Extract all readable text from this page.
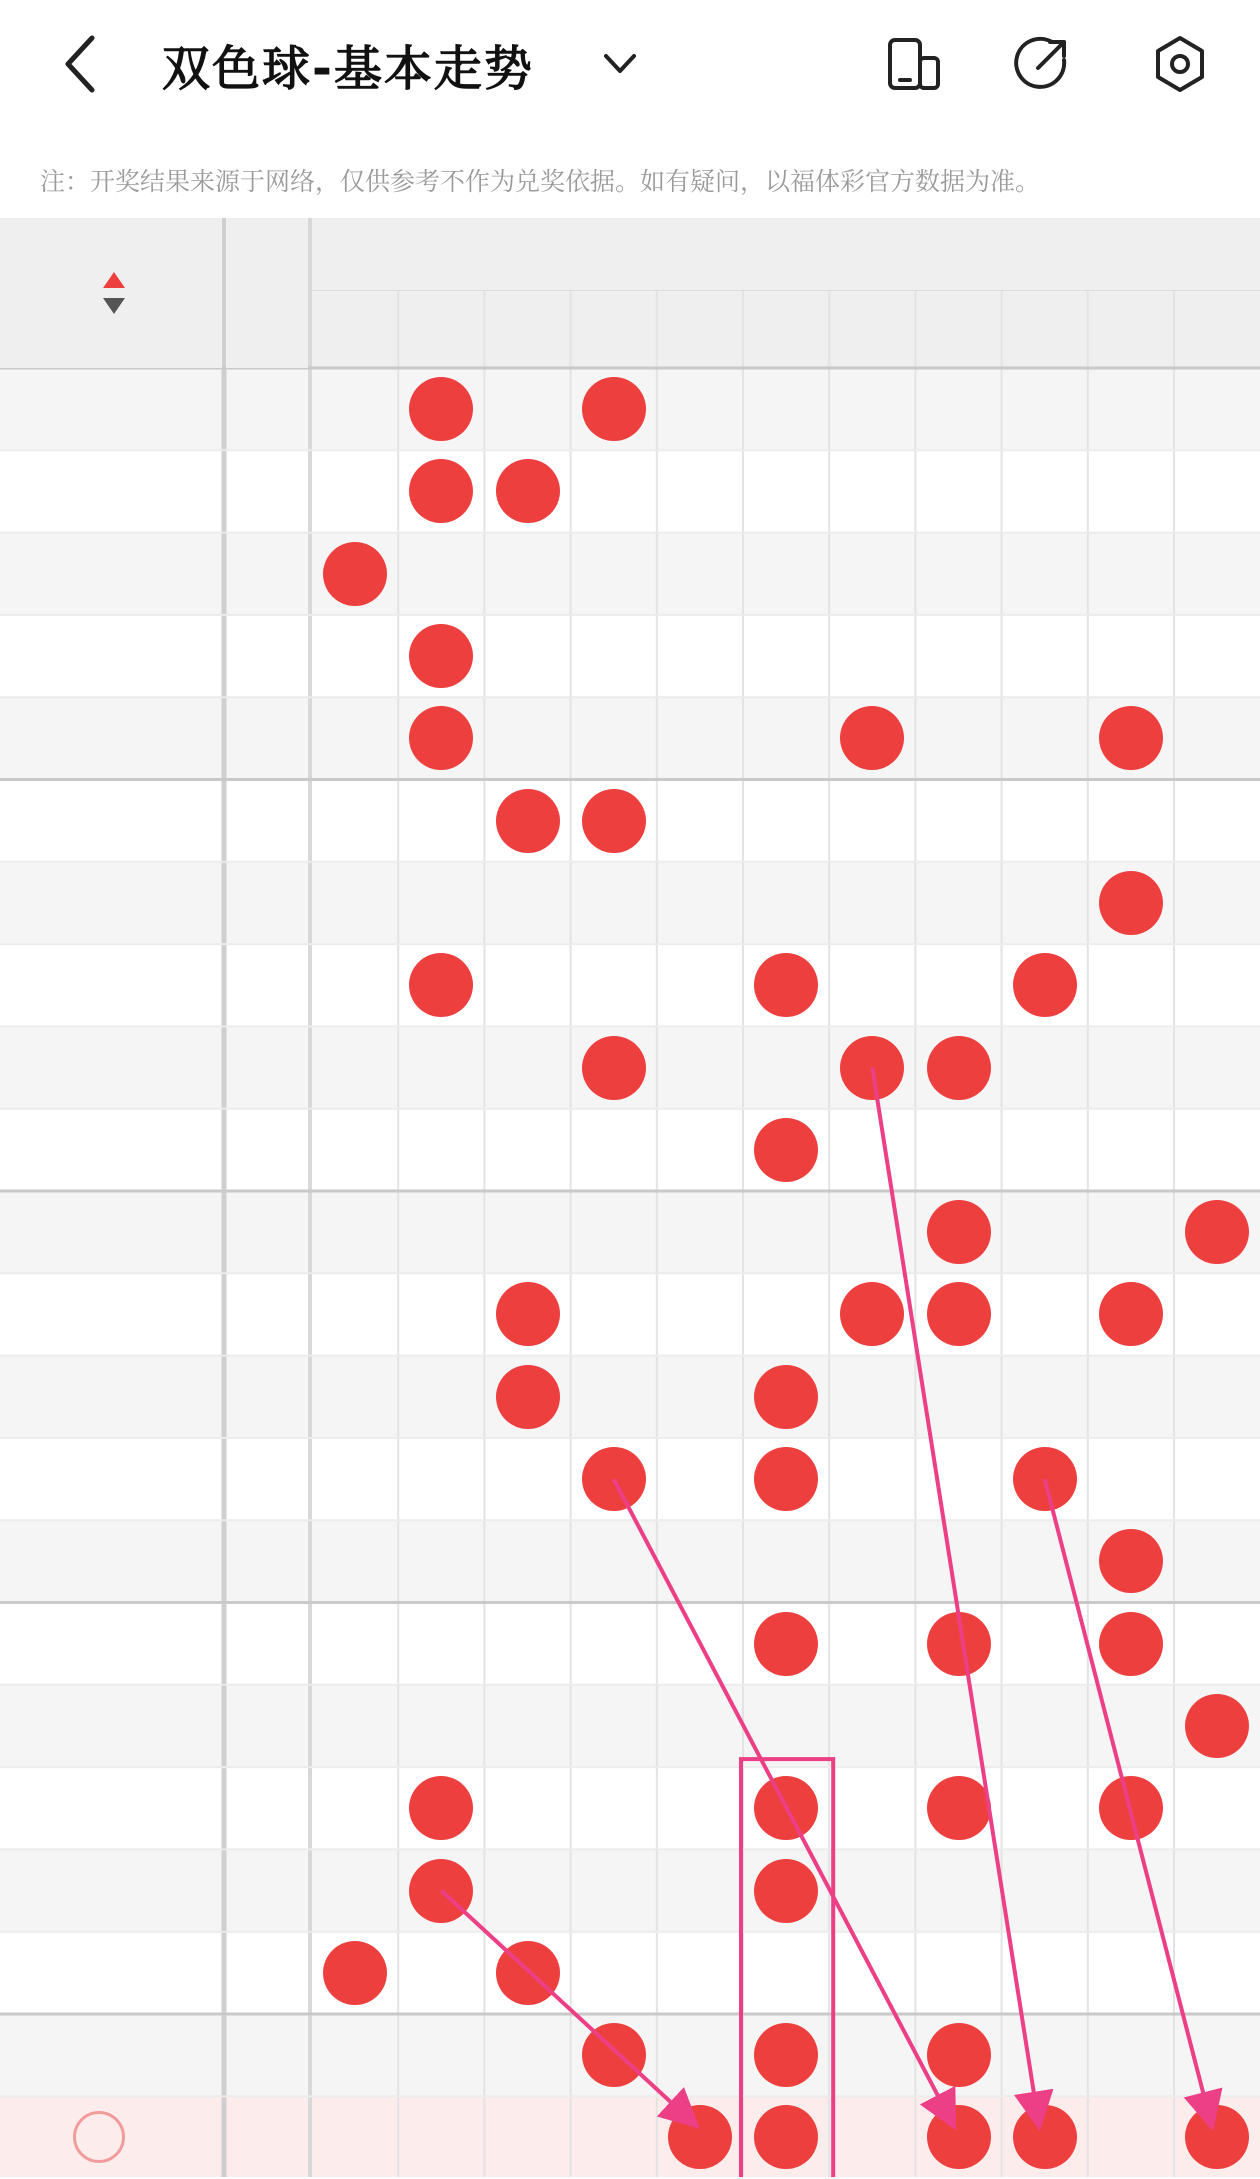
双色球-基本走势
注：开奖结果来源于网络，仅供参考不作为兑奖依据。如有疑问，以福体彩官方数据为准。
